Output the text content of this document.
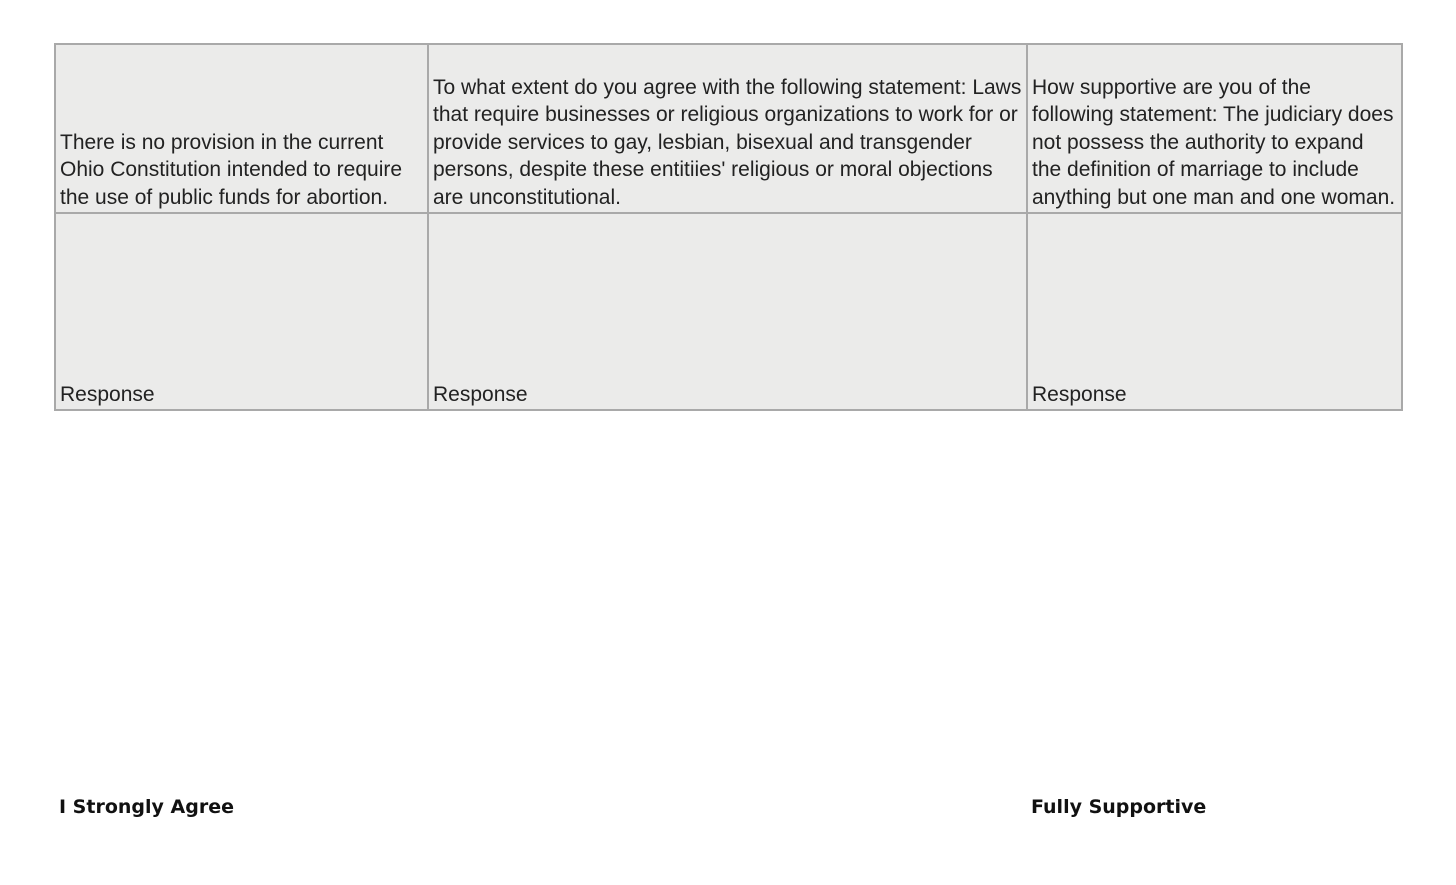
There is no provision in the current Ohio Constitution intended to require the use of public funds for abortion.	To what extent do you agree with the following statement: Laws that require businesses or religious organizations to work for or provide services to gay, lesbian, bisexual and transgender persons, despite these entitiies' religious or moral objections are unconstitutional.	How supportive are you of the following statement: The judiciary does not possess the authority to expand the definition of marriage to include anything but one man and one woman.
Response	Response	Response
I Strongly Agree	Fully Supportive
